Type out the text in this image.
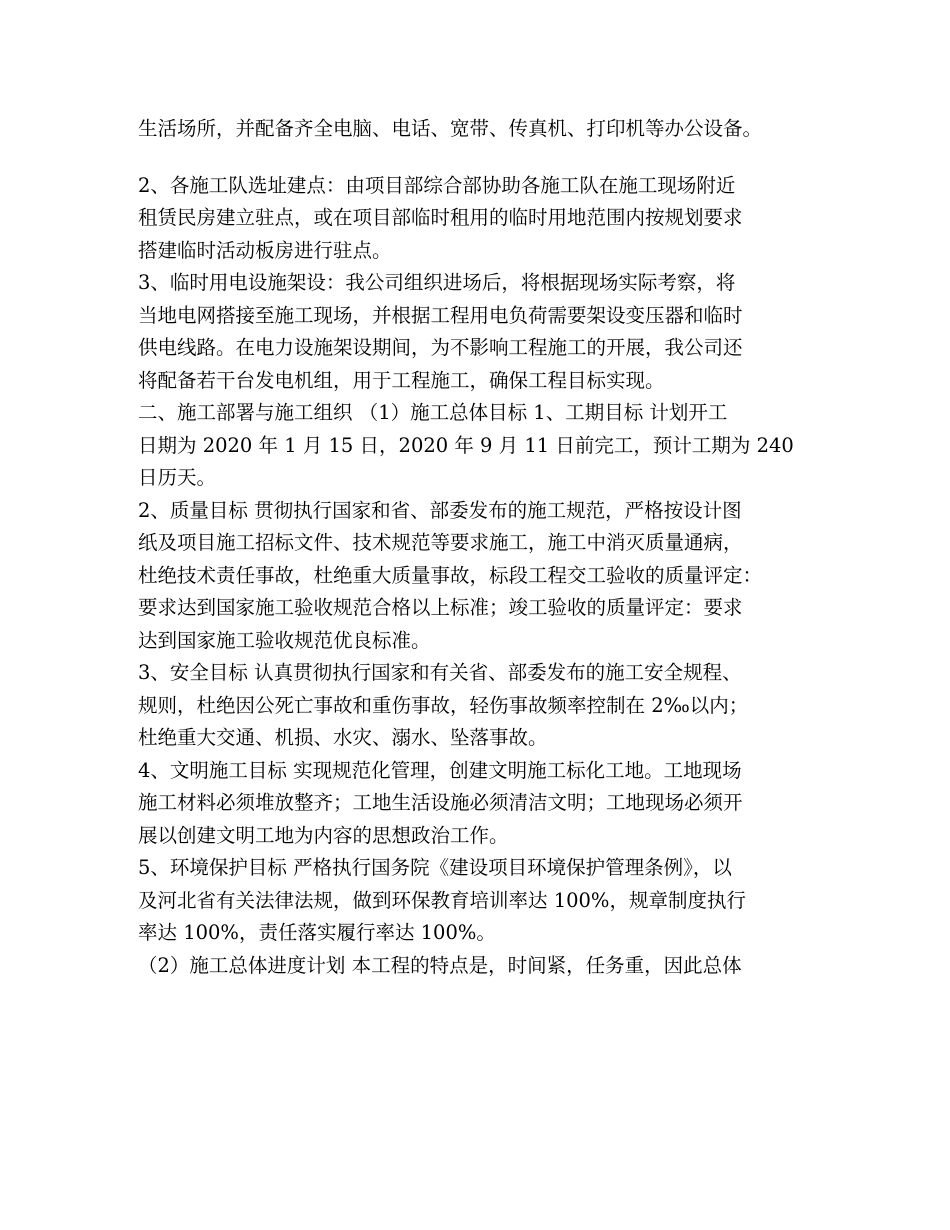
生活场所，并配备齐全电脑、电话、宽带、传真机、打印机等办公设备。
2、各施工队选址建点：由项目部综合部协助各施工队在施工现场附近
租赁民房建立驻点，或在项目部临时租用的临时用地范围内按规划要求
搭建临时活动板房进行驻点。
3、临时用电设施架设：我公司组织进场后，将根据现场实际考察，将
当地电网搭接至施工现场，并根据工程用电负荷需要架设变压器和临时
供电线路。在电力设施架设期间，为不影响工程施工的开展，我公司还
将配备若干台发电机组，用于工程施工，确保工程目标实现。
二、施工部署与施工组织 （1）施工总体目标 1、工期目标 计划开工
日期为 2020 年 1 月 15 日，2020 年 9 月 11 日前完工，预计工期为 240
日历天。
2、质量目标 贯彻执行国家和省、部委发布的施工规范，严格按设计图
纸及项目施工招标文件、技术规范等要求施工，施工中消灭质量通病，
杜绝技术责任事故，杜绝重大质量事故，标段工程交工验收的质量评定：
要求达到国家施工验收规范合格以上标准；竣工验收的质量评定：要求
达到国家施工验收规范优良标准。
3、安全目标 认真贯彻执行国家和有关省、部委发布的施工安全规程、
规则，杜绝因公死亡事故和重伤事故，轻伤事故频率控制在 2‰以内；
杜绝重大交通、机损、水灾、溺水、坠落事故。
4、文明施工目标 实现规范化管理，创建文明施工标化工地。工地现场
施工材料必须堆放整齐；工地生活设施必须清洁文明；工地现场必须开
展以创建文明工地为内容的思想政治工作。
5、环境保护目标 严格执行国务院《建设项目环境保护管理条例》，以
及河北省有关法律法规，做到环保教育培训率达 100%，规章制度执行
率达 100%，责任落实履行率达 100%。
（2）施工总体进度计划 本工程的特点是，时间紧，任务重，因此总体
